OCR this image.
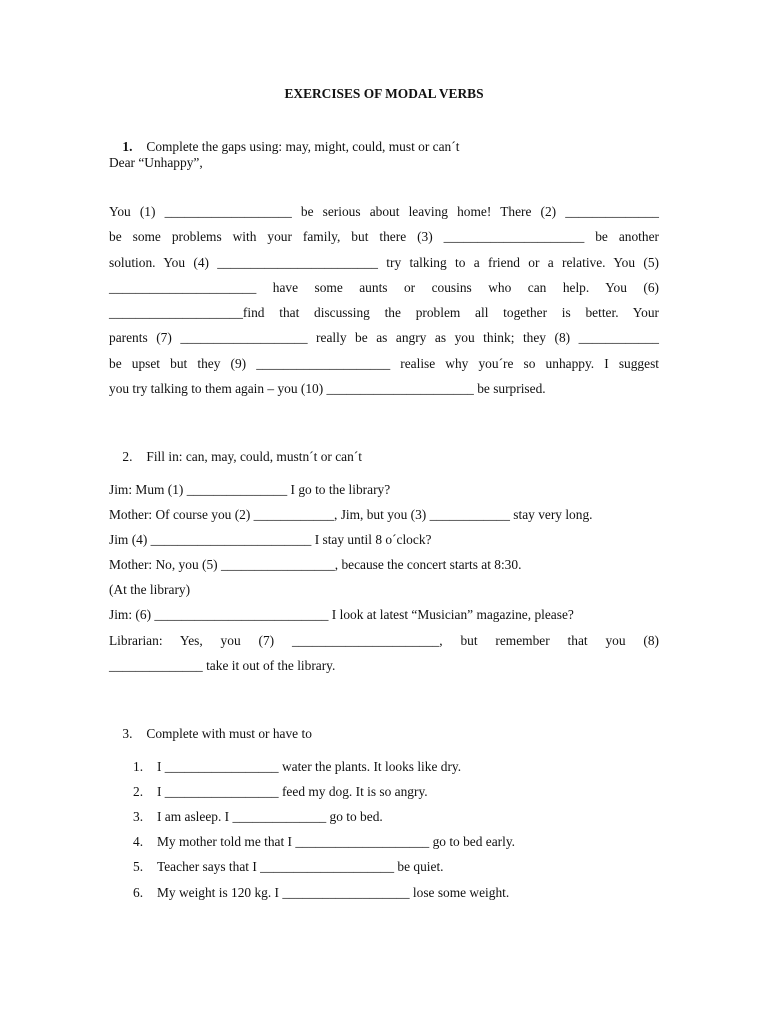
EXERCISES OF MODAL VERBS

1. Complete the gaps using: may, might, could, must or can´t

Dear “Unhappy”,
You (1) ___________________ be serious about leaving home! There (2) ______________
be some problems with your family, but there (3) _____________________ be another
solution. You (4) ________________________ try talking to a friend or a relative. You (5)
______________________ have some aunts or cousins who can help. You (6)
____________________find that discussing the problem all together is better. Your
parents (7) ___________________ really be as angry as you think; they (8) ____________
be upset but they (9) ____________________ realise why you´re so unhappy. I suggest
you try talking to them again – you (10) ______________________ be surprised.

2. Fill in: can, may, could, mustn´t or can´t

Jim: Mum (1) _______________ I go to the library?
Mother: Of course you (2) ____________, Jim, but you (3) ____________ stay very long.
Jim (4) ________________________ I stay until 8 o´clock?
Mother: No, you (5) _________________, because the concert starts at 8:30.
(At the library)
Jim: (6) __________________________ I look at latest “Musician” magazine, please?
Librarian: Yes, you (7) ______________________, but remember that you (8)
______________ take it out of the library.

3. Complete with must or have to

1. I _________________ water the plants. It looks like dry.
2. I _________________ feed my dog. It is so angry.
3. I am asleep. I ______________ go to bed.
4. My mother told me that I ____________________ go to bed early.
5. Teacher says that I ____________________ be quiet.
6. My weight is 120 kg. I ___________________ lose some weight.
